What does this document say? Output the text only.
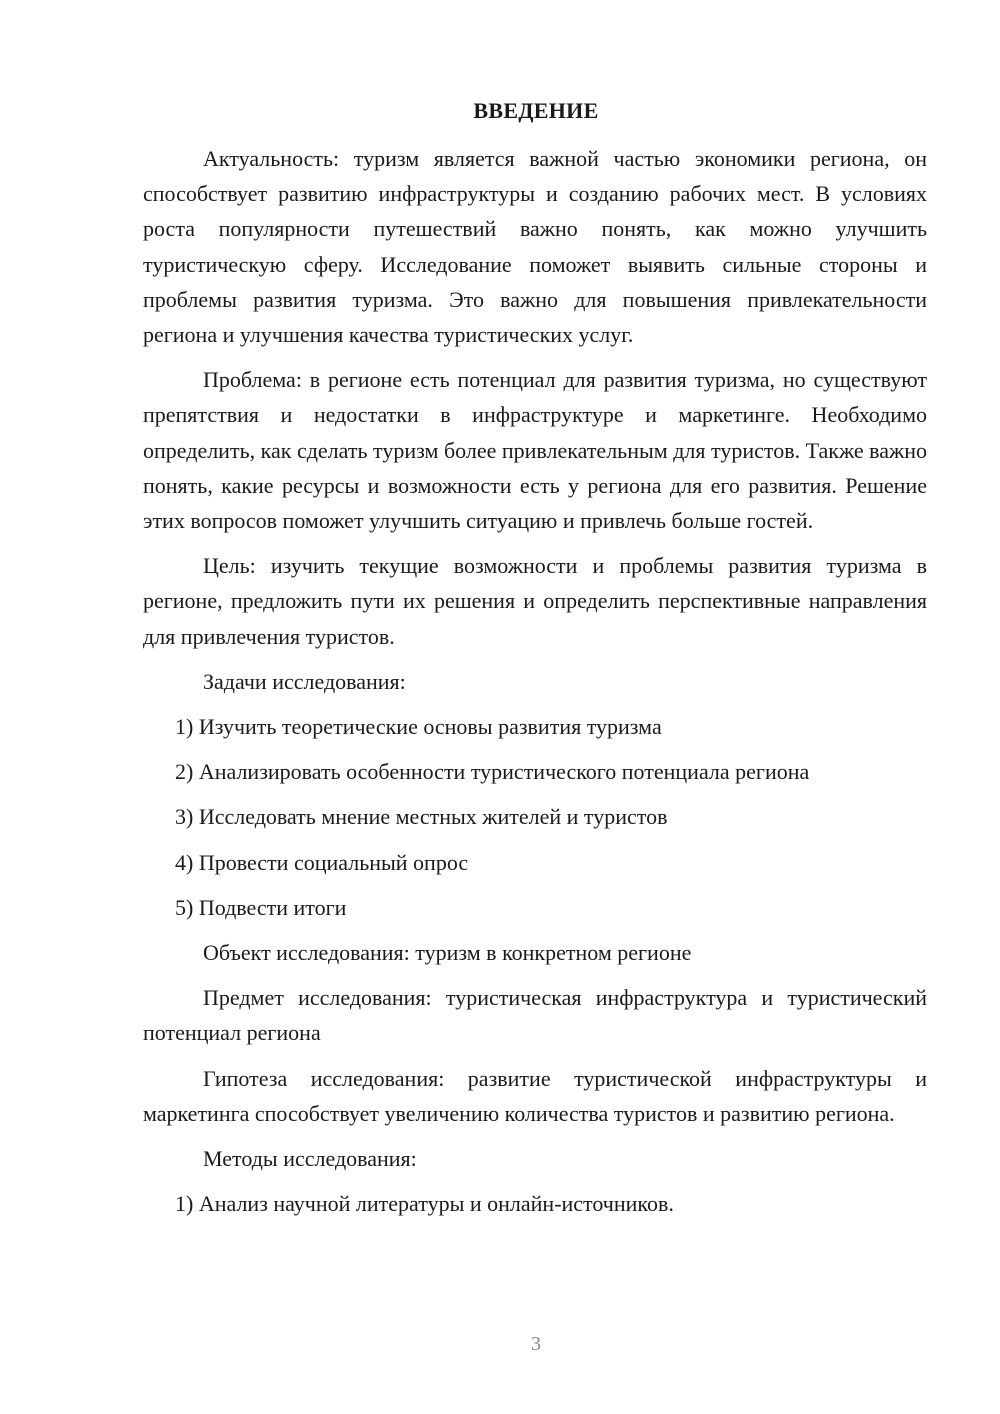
ВВЕДЕНИЕ

Актуальность: туризм является важной частью экономики региона, он способствует развитию инфраструктуры и созданию рабочих мест. В условиях роста популярности путешествий важно понять, как можно улучшить туристическую сферу. Исследование поможет выявить сильные стороны и проблемы развития туризма. Это важно для повышения привлекательности региона и улучшения качества туристических услуг.

Проблема: в регионе есть потенциал для развития туризма, но существуют препятствия и недостатки в инфраструктуре и маркетинге. Необходимо определить, как сделать туризм более привлекательным для туристов. Также важно понять, какие ресурсы и возможности есть у региона для его развития. Решение этих вопросов поможет улучшить ситуацию и привлечь больше гостей.

Цель: изучить текущие возможности и проблемы развития туризма в регионе, предложить пути их решения и определить перспективные направления для привлечения туристов.

Задачи исследования:

1) Изучить теоретические основы развития туризма
2) Анализировать особенности туристического потенциала региона
3) Исследовать мнение местных жителей и туристов
4) Провести социальный опрос
5) Подвести итоги

Объект исследования: туризм в конкретном регионе

Предмет исследования: туристическая инфраструктура и туристический потенциал региона

Гипотеза исследования: развитие туристической инфраструктуры и маркетинга способствует увеличению количества туристов и развитию региона.

Методы исследования:

1) Анализ научной литературы и онлайн-источников.
3
